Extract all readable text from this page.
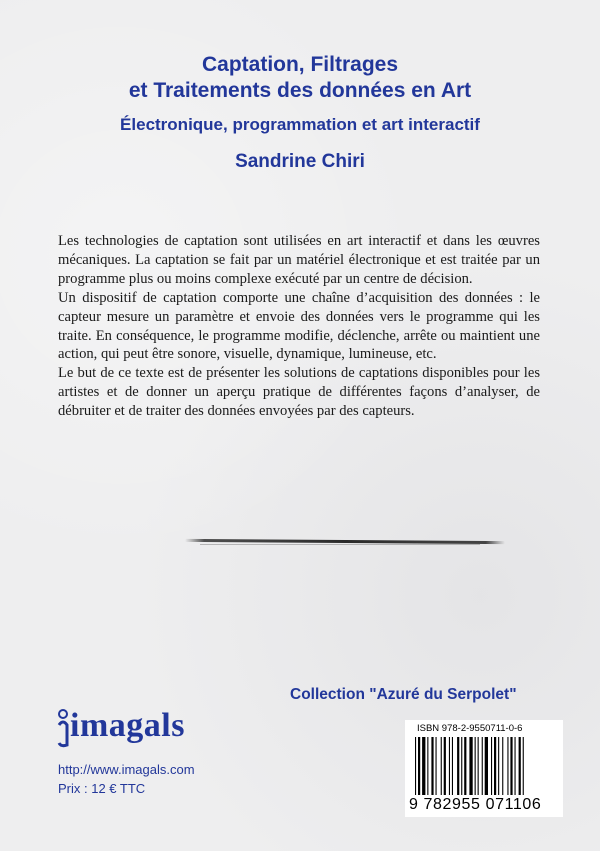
Captation, Filtrages
et Traitements des données en Art
Électronique, programmation et art interactif
Sandrine Chiri

Les technologies de captation sont utilisées en art interactif et dans les œuvres mécaniques. La captation se fait par un matériel électronique et est traitée par un programme plus ou moins complexe exécuté par un centre de décision.

Un dispositif de captation comporte une chaîne d’acquisition des données : le capteur mesure un paramètre et envoie des données vers le programme qui les traite. En conséquence, le programme modifie, déclenche, arrête ou maintient une action, qui peut être sonore, visuelle, dynamique, lumineuse, etc.

Le but de ce texte est de présenter les solutions de captations disponibles pour les artistes et de donner un aperçu pratique de différentes façons d’analyser, de débruiter et de traiter des données envoyées par des capteurs.

Collection "Azuré du Serpolet"
imagals
http://www.imagals.com
Prix : 12 € TTC
ISBN 978-2-9550711-0-6
9 782955 071106
